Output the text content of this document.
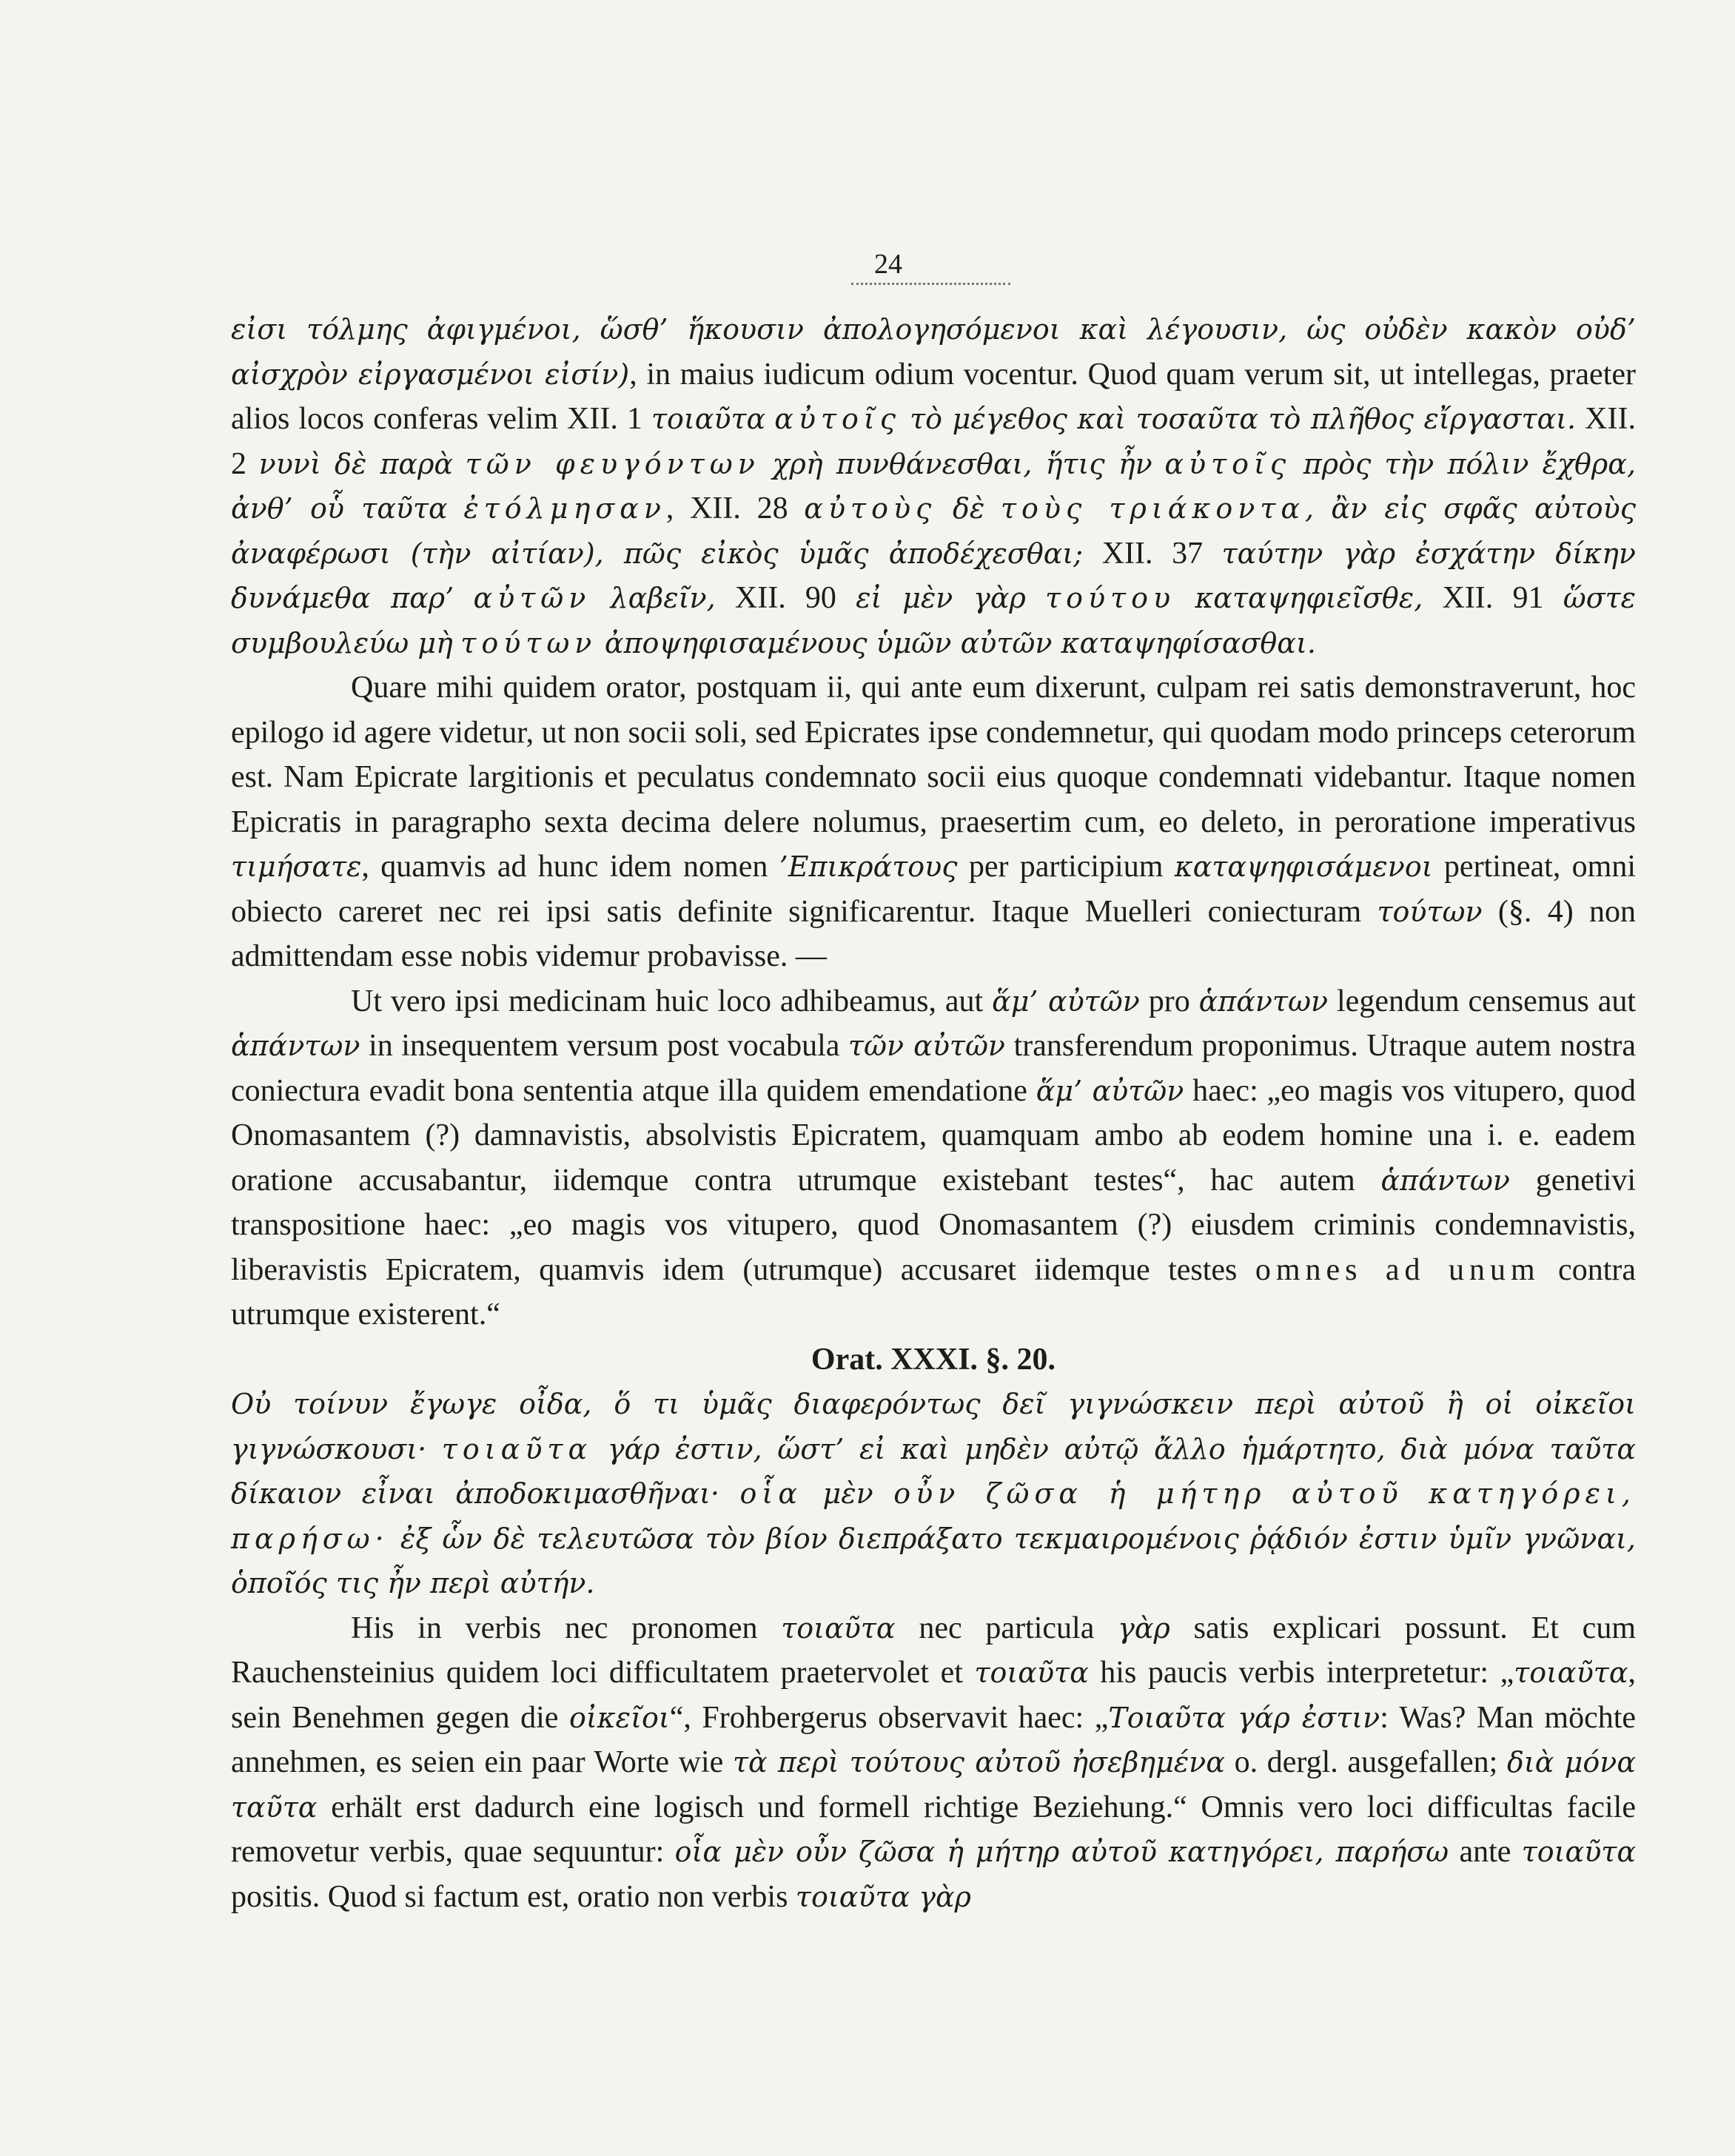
24

εἰσι τόλμης ἀφιγμένοι, ὥσθ’ ἥκουσιν ἀπολογησόμενοι καὶ λέγουσιν, ὡς οὐδὲν κακὸν οὐδ’ αἰσχρὸν εἰργασμένοι εἰσίν), in maius iudicum odium vocentur. Quod quam verum sit, ut intellegas, praeter alios locos conferas velim XII. 1 τοιαῦτα αὐτοῖς τὸ μέγεθος καὶ τοσαῦτα τὸ πλῆθος εἴργασται. XII. 2 νυνὶ δὲ παρὰ τῶν φευγόντων χρὴ πυνθάνεσθαι, ἥτις ἦν αὐτοῖς πρὸς τὴν πόλιν ἔχθρα, ἀνθ’ οὗ ταῦτα ἐτόλμησαν, XII. 28 αὐτοὺς δὲ τοὺς τριάκοντα, ἂν εἰς σφᾶς αὐτοὺς ἀναφέρωσι (τὴν αἰτίαν), πῶς εἰκὸς ὑμᾶς ἀποδέχεσθαι; XII. 37 ταύτην γὰρ ἐσχάτην δίκην δυνάμεθα παρ’ αὐτῶν λαβεῖν, XII. 90 εἰ μὲν γὰρ τούτου καταψηφιεῖσθε, XII. 91 ὥστε συμβουλεύω μὴ τούτων ἀποψηφισαμένους ὑμῶν αὐτῶν καταψηφίσασθαι.

Quare mihi quidem orator, postquam ii, qui ante eum dixerunt, culpam rei satis demonstraverunt, hoc epilogo id agere videtur, ut non socii soli, sed Epicrates ipse condemnetur, qui quodam modo princeps ceterorum est. Nam Epicrate largitionis et peculatus condemnato socii eius quoque condemnati videbantur. Itaque nomen Epicratis in paragrapho sexta decima delere nolumus, praesertim cum, eo deleto, in peroratione imperativus τιμήσατε, quamvis ad hunc idem nomen ’Επικράτους per participium καταψηφισάμενοι pertineat, omni obiecto careret nec rei ipsi satis definite significarentur. Itaque Muelleri coniecturam τούτων (§. 4) non admittendam esse nobis videmur probavisse. —

Ut vero ipsi medicinam huic loco adhibeamus, aut ἅμ’ αὐτῶν pro ἁπάντων legendum censemus aut ἁπάντων in insequentem versum post vocabula τῶν αὐτῶν transferendum proponimus. Utraque autem nostra coniectura evadit bona sententia atque illa quidem emendatione ἅμ’ αὐτῶν haec: „eo magis vos vitupero, quod Onomasantem (?) damnavistis, absolvistis Epicratem, quamquam ambo ab eodem homine una i. e. eadem oratione accusabantur, iidemque contra utrumque existebant testes“, hac autem ἁπάντων genetivi transpositione haec: „eo magis vos vitupero, quod Onomasantem (?) eiusdem criminis condemnavistis, liberavistis Epicratem, quamvis idem (utrumque) accusaret iidemque testes omnes ad unum contra utrumque existerent.“

Orat. XXXI. §. 20.

Οὐ τοίνυν ἔγωγε οἶδα, ὅ τι ὑμᾶς διαφερόντως δεῖ γιγνώσκειν περὶ αὐτοῦ ἢ οἱ οἰκεῖοι γιγνώσκουσι· τοιαῦτα γάρ ἐστιν, ὥστ’ εἰ καὶ μηδὲν αὐτῷ ἄλλο ἡμάρτητο, διὰ μόνα ταῦτα δίκαιον εἶναι ἀποδοκιμασθῆναι· οἷα μὲν οὖν ζῶσα ἡ μήτηρ αὐτοῦ κατηγόρει, παρήσω· ἐξ ὧν δὲ τελευτῶσα τὸν βίον διεπράξατο τεκμαιρομένοις ῥᾴδιόν ἐστιν ὑμῖν γνῶναι, ὁποῖός τις ἦν περὶ αὐτήν.

His in verbis nec pronomen τοιαῦτα nec particula γὰρ satis explicari possunt. Et cum Rauchensteinius quidem loci difficultatem praetervolet et τοιαῦτα his paucis verbis interpretetur: „τοιαῦτα, sein Benehmen gegen die οἰκεῖοι“, Frohbergerus observavit haec: „Τοιαῦτα γάρ ἐστιν: Was? Man möchte annehmen, es seien ein paar Worte wie τὰ περὶ τούτους αὐτοῦ ἠσεβημένα o. dergl. ausgefallen; διὰ μόνα ταῦτα erhält erst dadurch eine logisch und formell richtige Beziehung.“ Omnis vero loci difficultas facile removetur verbis, quae sequuntur: οἷα μὲν οὖν ζῶσα ἡ μήτηρ αὐτοῦ κατηγόρει, παρήσω ante τοιαῦτα positis. Quod si factum est, oratio non verbis τοιαῦτα γὰρ
